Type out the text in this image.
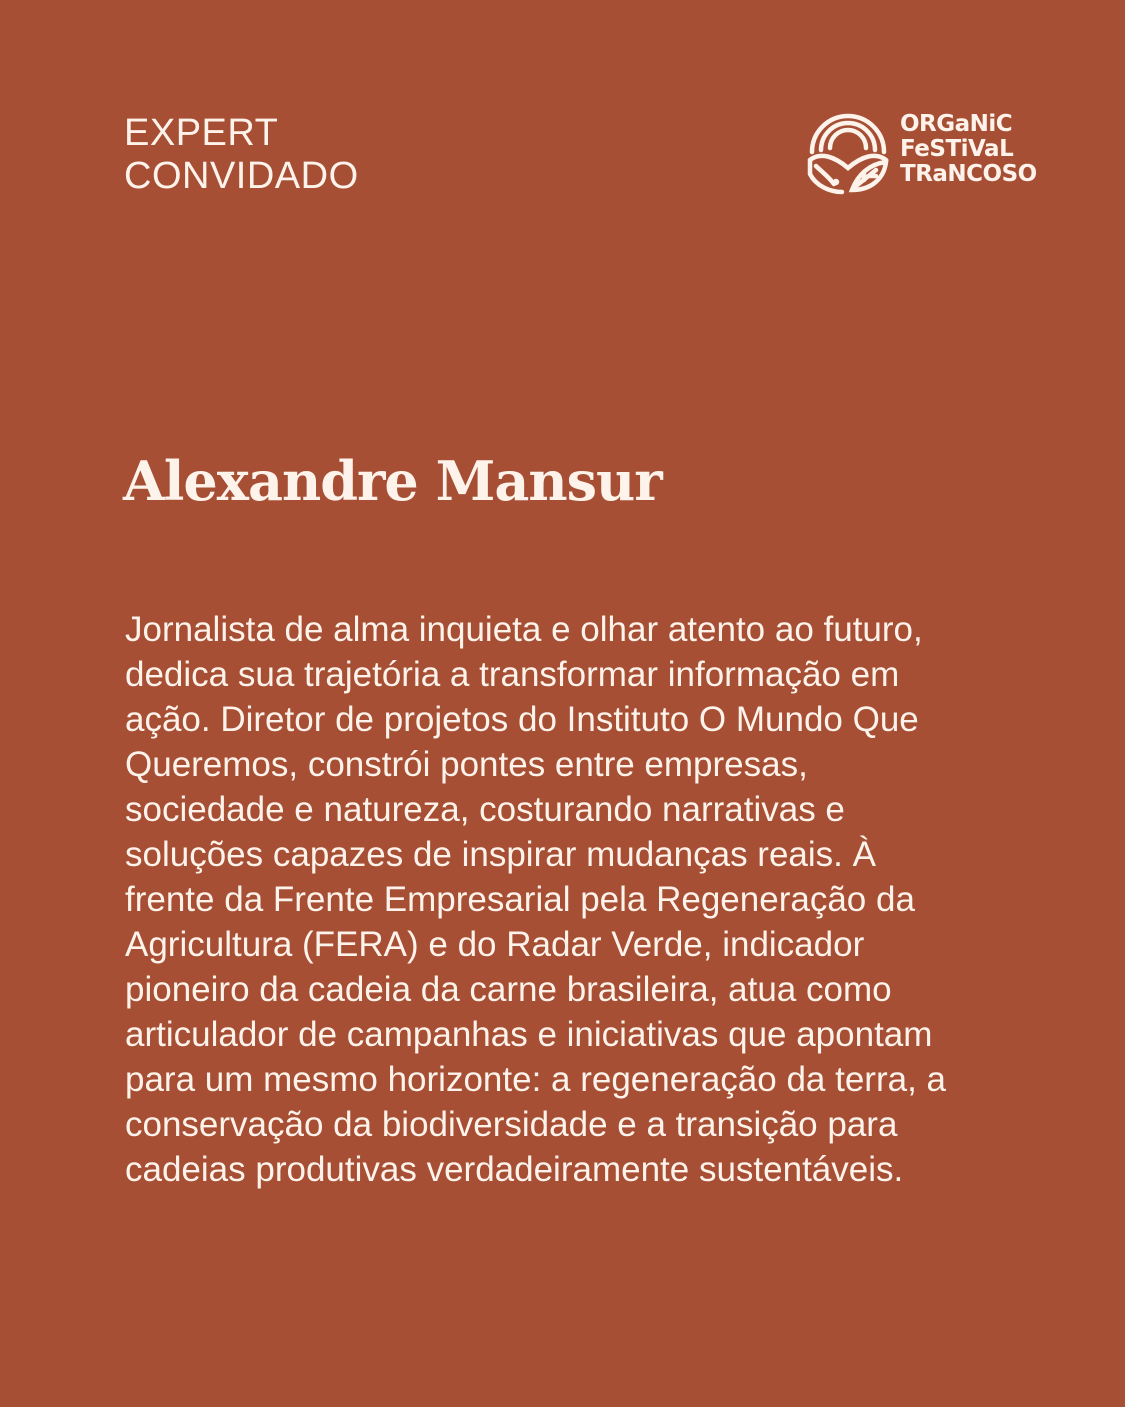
EXPERT
CONVIDADO
ORGaNiC
FeSTiVaL
TRaNCOSO
Alexandre Mansur
Jornalista de alma inquieta e olhar atento ao futuro, dedica sua trajetória a transformar informação em ação. Diretor de projetos do Instituto O Mundo Que Queremos, constrói pontes entre empresas, sociedade e natureza, costurando narrativas e soluções capazes de inspirar mudanças reais. À frente da Frente Empresarial pela Regeneração da Agricultura (FERA) e do Radar Verde, indicador pioneiro da cadeia da carne brasileira, atua como articulador de campanhas e iniciativas que apontam para um mesmo horizonte: a regeneração da terra, a conservação da biodiversidade e a transição para cadeias produtivas verdadeiramente sustentáveis.
